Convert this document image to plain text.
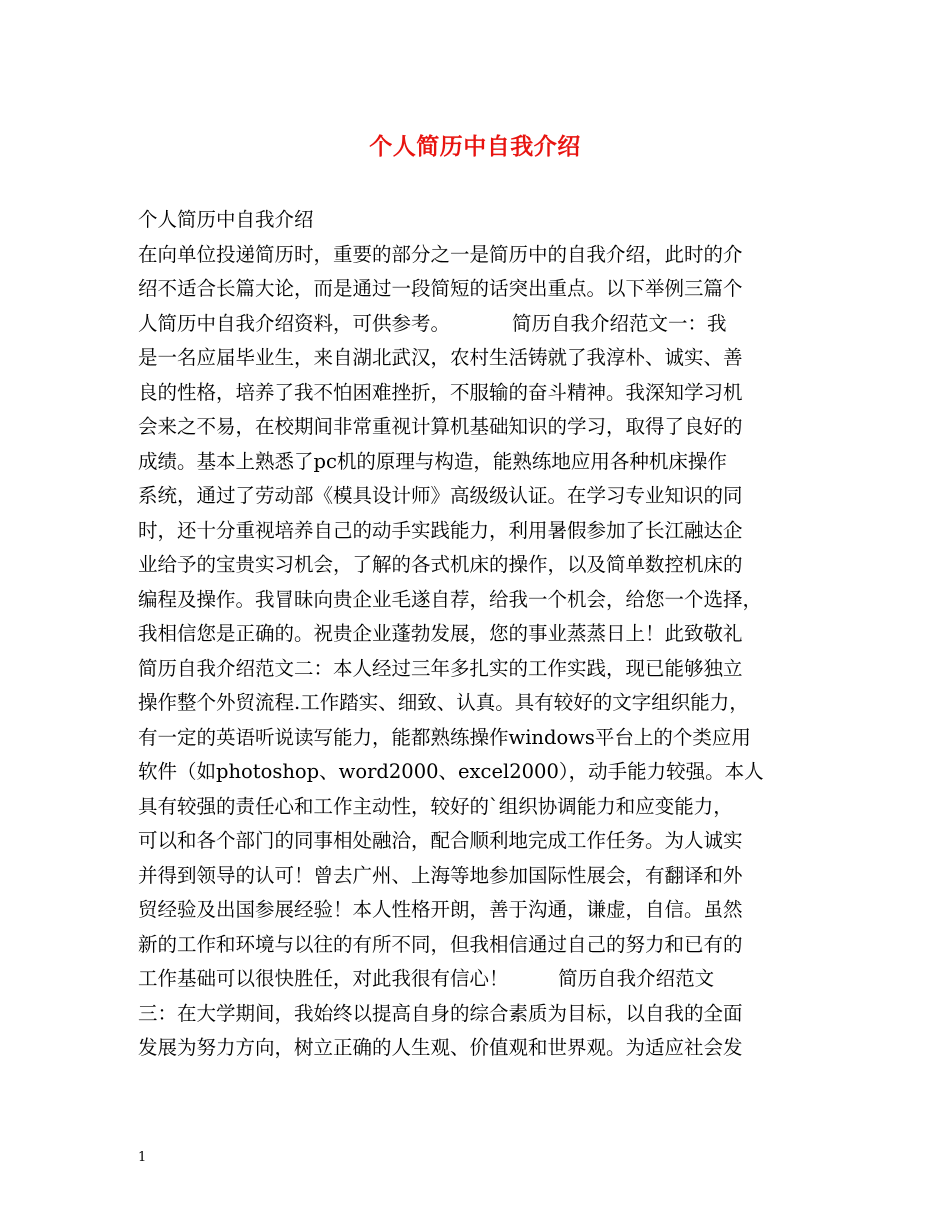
个人简历中自我介绍
个人简历中自我介绍
在向单位投递简历时，重要的部分之一是简历中的自我介绍，此时的介
绍不适合长篇大论，而是通过一段简短的话突出重点。以下举例三篇个
人简历中自我介绍资料，可供参考。          简历自我介绍范文一：我
是一名应届毕业生，来自湖北武汉，农村生活铸就了我淳朴、诚实、善
良的性格，培养了我不怕困难挫折，不服输的奋斗精神。我深知学习机
会来之不易，在校期间非常重视计算机基础知识的学习，取得了良好的
成绩。基本上熟悉了pc机的原理与构造，能熟练地应用各种机床操作
系统，通过了劳动部《模具设计师》高级级认证。在学习专业知识的同
时，还十分重视培养自己的动手实践能力，利用暑假参加了长江融达企
业给予的宝贵实习机会，了解的各式机床的操作，以及简单数控机床的
编程及操作。我冒昧向贵企业毛遂自荐，给我一个机会，给您一个选择，
我相信您是正确的。祝贵企业蓬勃发展，您的事业蒸蒸日上！此致敬礼
简历自我介绍范文二：本人经过三年多扎实的工作实践，现已能够独立
操作整个外贸流程.工作踏实、细致、认真。具有较好的文字组织能力，
有一定的英语听说读写能力，能都熟练操作windows平台上的个类应用
软件（如photoshop、word2000、excel2000），动手能力较强。本人
具有较强的责任心和工作主动性，较好的`组织协调能力和应变能力，
可以和各个部门的同事相处融洽，配合顺利地完成工作任务。为人诚实
并得到领导的认可！曾去广州、上海等地参加国际性展会，有翻译和外
贸经验及出国参展经验！本人性格开朗，善于沟通，谦虚，自信。虽然
新的工作和环境与以往的有所不同，但我相信通过自己的努力和已有的
工作基础可以很快胜任，对此我很有信心！        简历自我介绍范文
三：在大学期间，我始终以提高自身的综合素质为目标，以自我的全面
发展为努力方向，树立正确的人生观、价值观和世界观。为适应社会发
1
